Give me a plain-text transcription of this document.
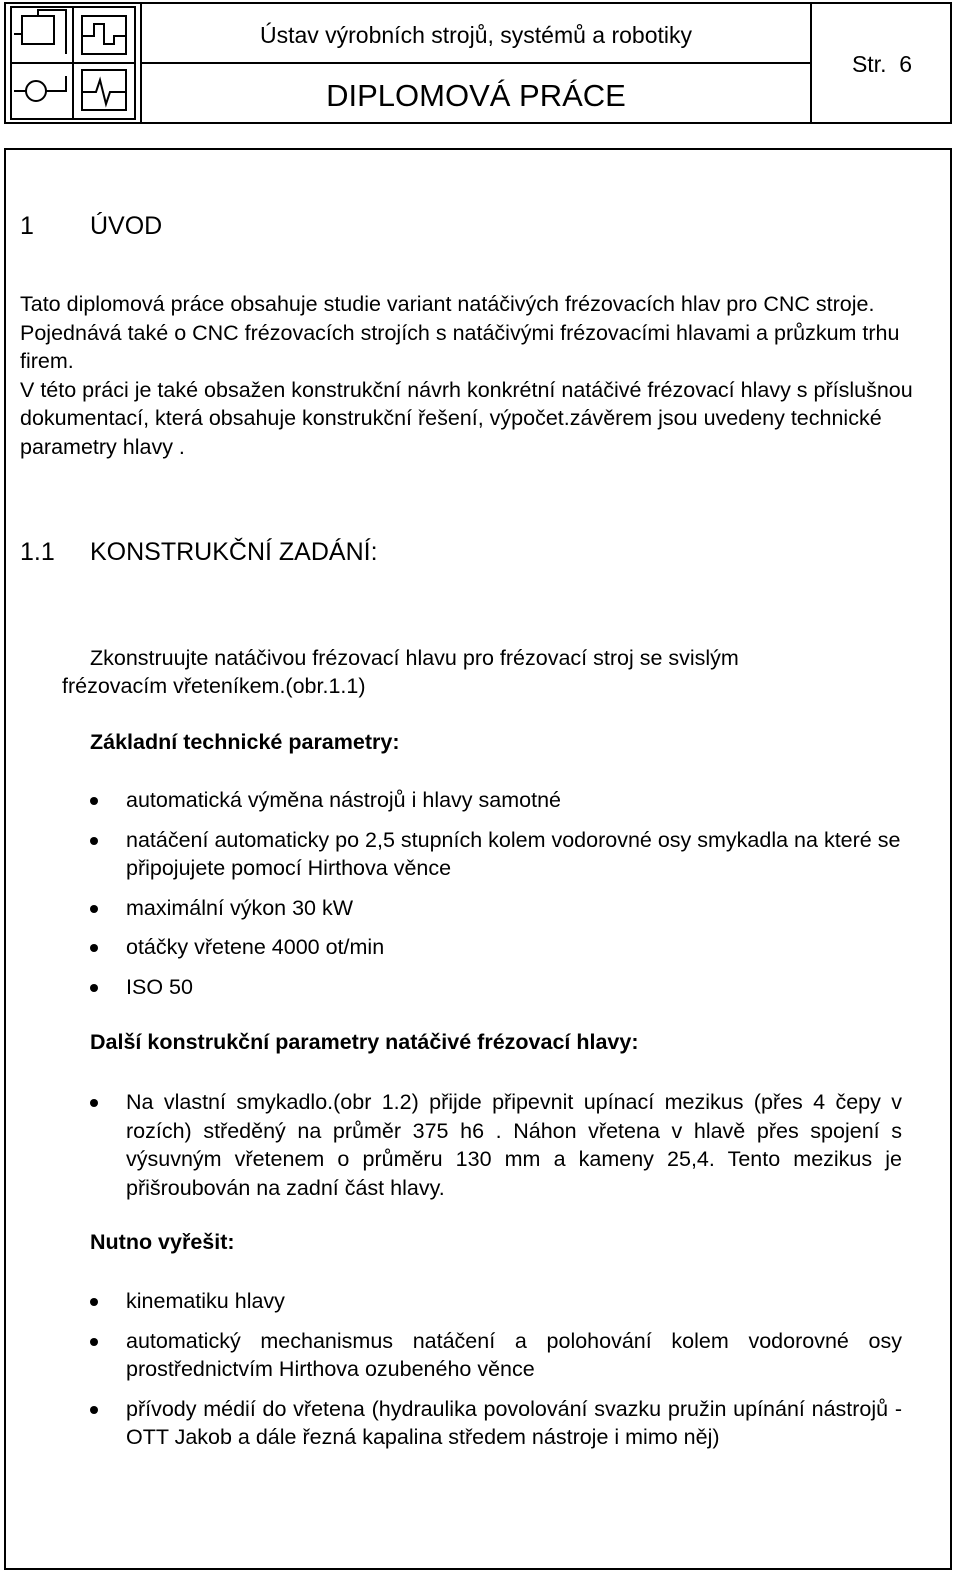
Ústav výrobních strojů, systémů a robotiky
DIPLOMOVÁ PRÁCE
Str. 6
1 ÚVOD

Tato diplomová práce obsahuje studie variant natáčivých frézovacích hlav pro CNC stroje. Pojednává také o CNC frézovacích strojích s natáčivými frézovacími hlavami a průzkum trhu firem.

V této práci je také obsažen konstrukční návrh konkrétní natáčivé frézovací hlavy s příslušnou dokumentací, která obsahuje konstrukční řešení, výpočet.závěrem jsou uvedeny technické parametry hlavy .

1.1 KONSTRUKČNÍ ZADÁNÍ:
Zkonstruujte natáčivou frézovací hlavu pro frézovací stroj se svislým
frézovacím vřeteníkem.(obr.1.1)
Základní technické parametry:
automatická výměna nástrojů i hlavy samotné
natáčení automaticky po 2,5 stupních kolem vodorovné osy smykadla na které se připojujete pomocí Hirthova věnce
maximální výkon 30 kW
otáčky vřetene 4000 ot/min
ISO 50
Další konstrukční parametry natáčivé frézovací hlavy:
Na vlastní smykadlo.(obr 1.2) přijde připevnit upínací mezikus (přes 4 čepy v rozích) středěný na průměr 375 h6 . Náhon vřetena v hlavě přes spojení s výsuvným vřetenem o průměru 130 mm a kameny 25,4. Tento mezikus je přišroubován na zadní část hlavy.
Nutno vyřešit:
kinematiku hlavy
automatický mechanismus natáčení a polohování kolem vodorovné osy prostřednictvím Hirthova ozubeného věnce
přívody médií do vřetena (hydraulika povolování svazku pružin upínání nástrojů - OTT Jakob a dále řezná kapalina středem nástroje i mimo něj)
